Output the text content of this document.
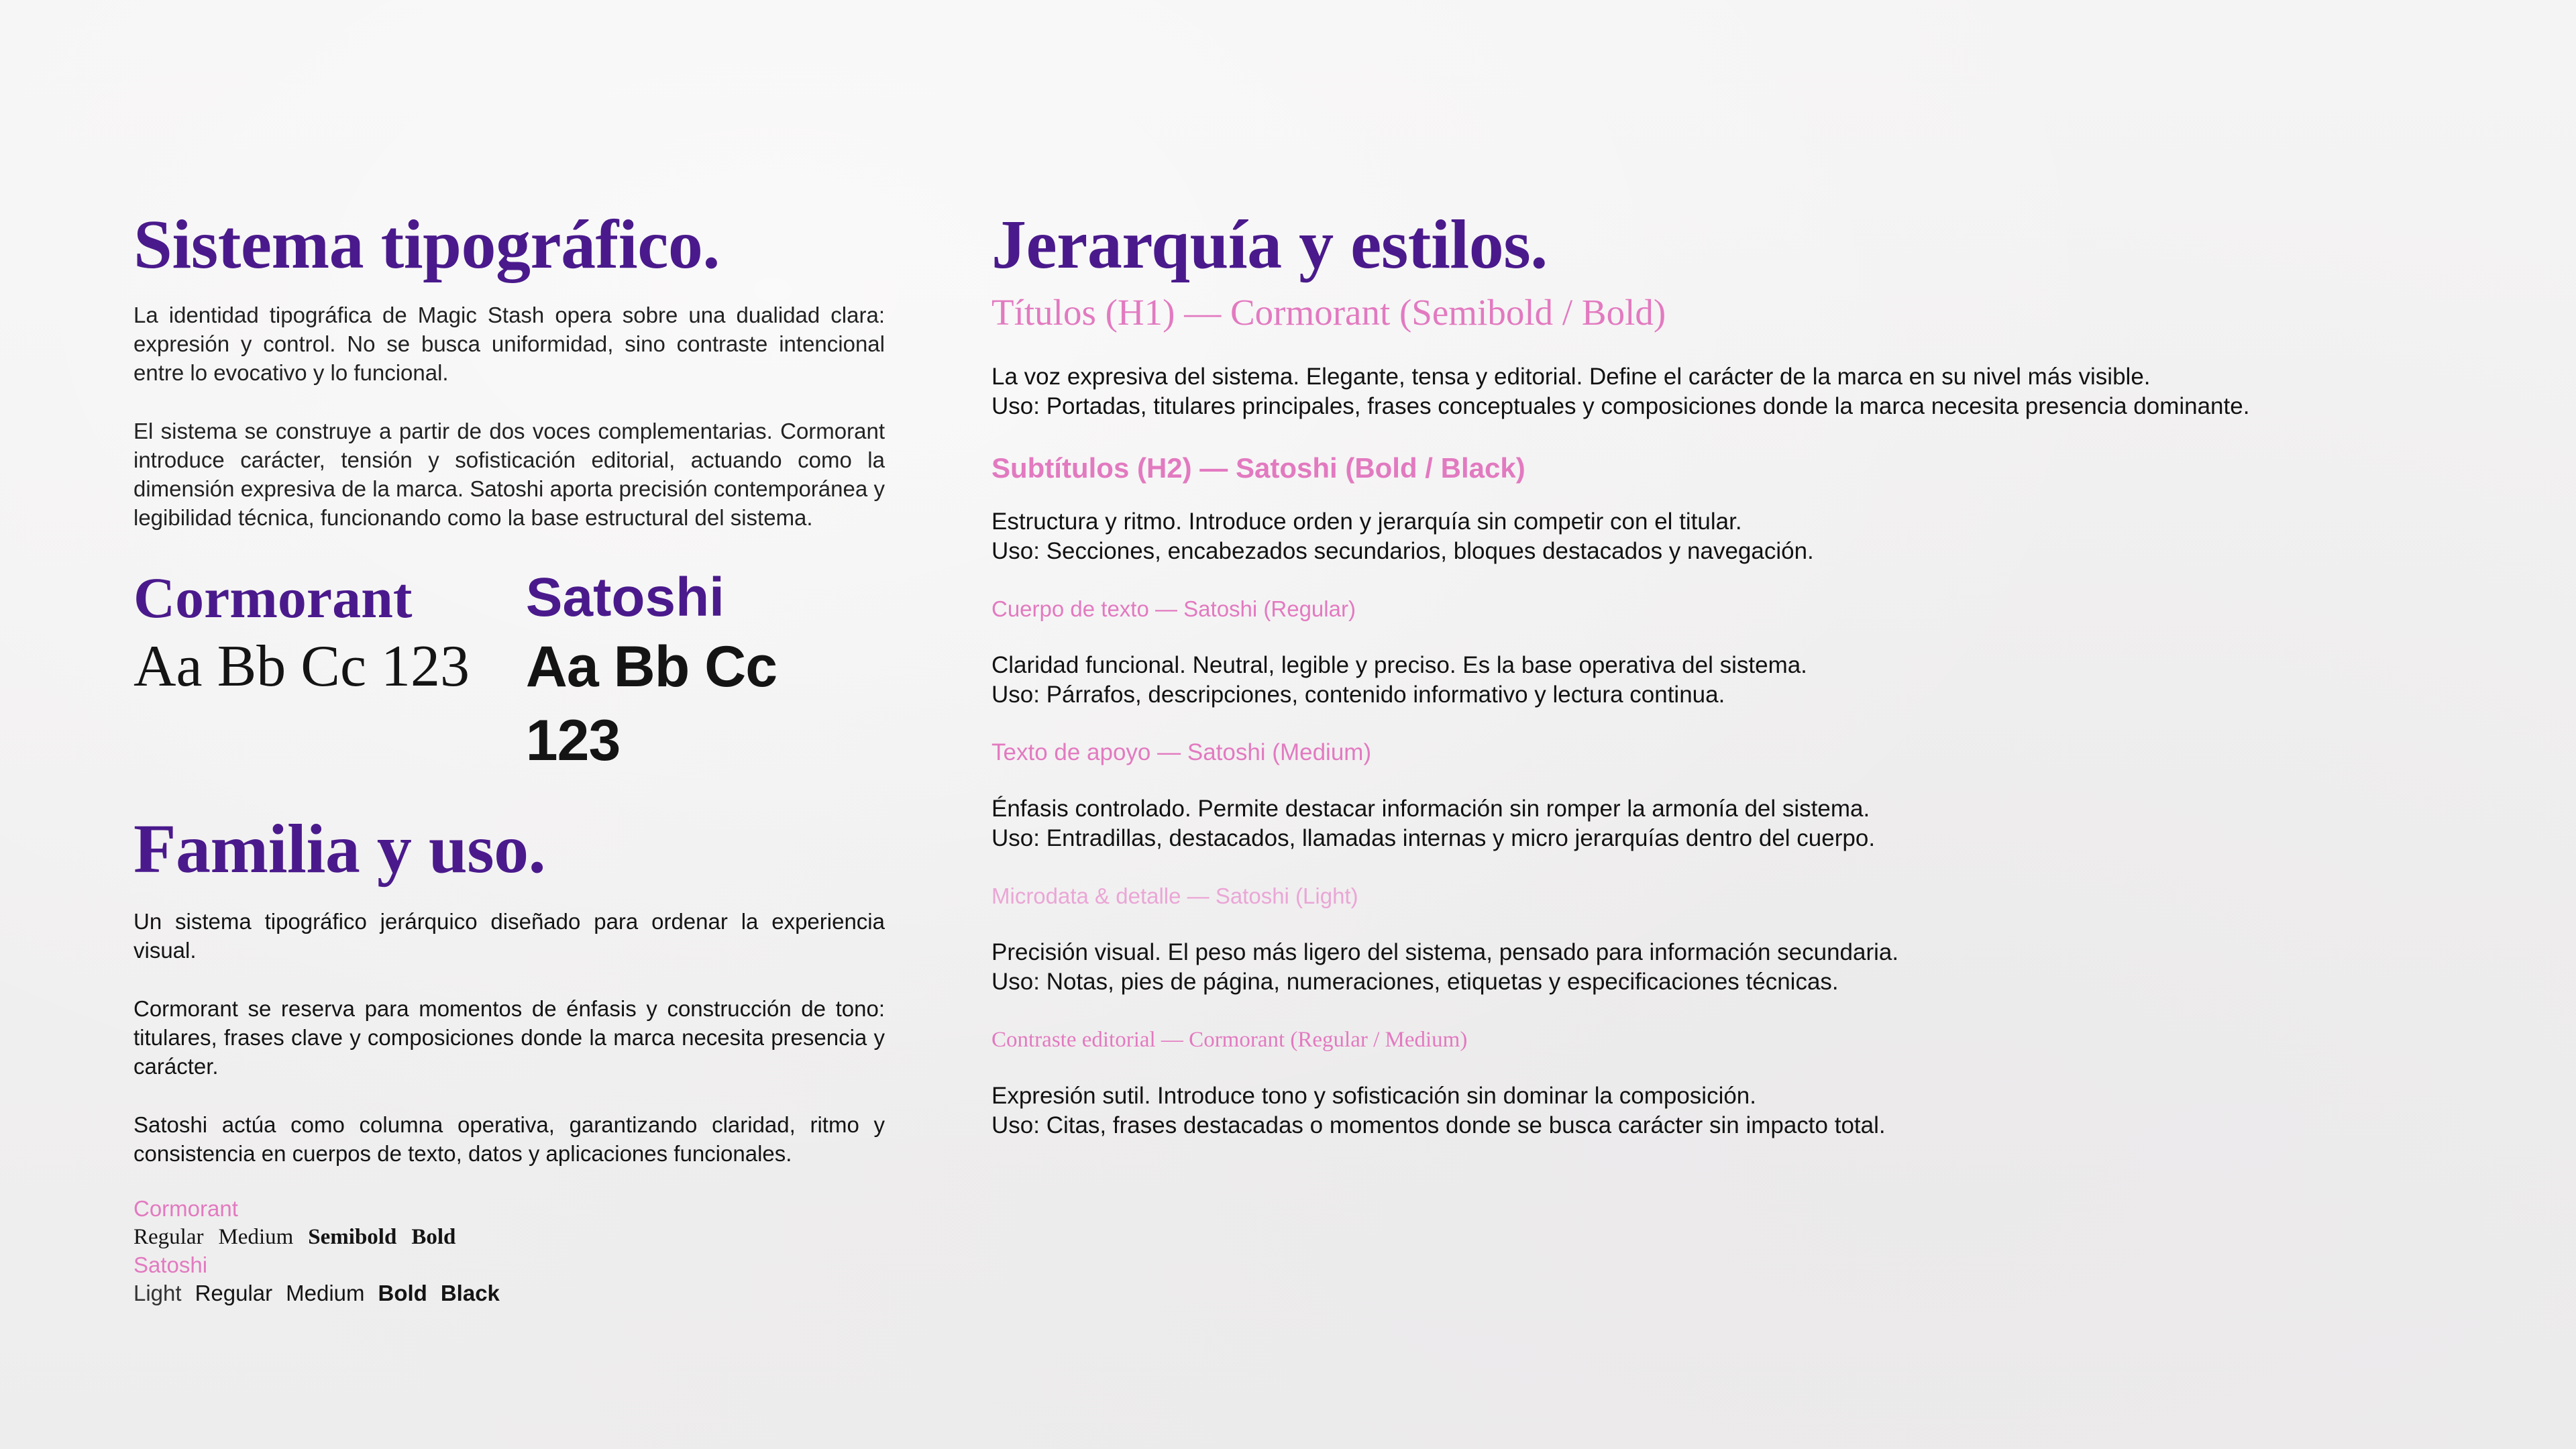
Sistema tipográfico.

La identidad tipográfica de Magic Stash opera sobre una dualidad clara: expresión y control. No se busca uniformidad, sino contraste intencional entre lo evocativo y lo funcional.

El sistema se construye a partir de dos voces complementarias. Cormorant introduce carácter, tensión y sofisticación editorial, actuando como la dimensión expresiva de la marca. Satoshi aporta precisión contemporánea y legibilidad técnica, funcionando como la base estructural del sistema.

Cormorant
Aa Bb Cc 123
Satoshi
Aa Bb Cc 123
Familia y uso.

Un sistema tipográfico jerárquico diseñado para ordenar la experiencia visual.

Cormorant se reserva para momentos de énfasis y construcción de tono: titulares, frases clave y composiciones donde la marca necesita presencia y carácter.

Satoshi actúa como columna operativa, garantizando claridad, ritmo y consistencia en cuerpos de texto, datos y aplicaciones funcionales.

Cormorant

Regular Medium Semibold Bold

Satoshi

Light Regular Medium Bold Black
Jerarquía y estilos.

Títulos (H1) — Cormorant (Semibold / Bold)

La voz expresiva del sistema. Elegante, tensa y editorial. Define el carácter de la marca en su nivel más visible.

Uso: Portadas, titulares principales, frases conceptuales y composiciones donde la marca necesita presencia dominante.

Subtítulos (H2) — Satoshi (Bold / Black)

Estructura y ritmo. Introduce orden y jerarquía sin competir con el titular.

Uso: Secciones, encabezados secundarios, bloques destacados y navegación.

Cuerpo de texto — Satoshi (Regular)

Claridad funcional. Neutral, legible y preciso. Es la base operativa del sistema.

Uso: Párrafos, descripciones, contenido informativo y lectura continua.

Texto de apoyo — Satoshi (Medium)

Énfasis controlado. Permite destacar información sin romper la armonía del sistema.

Uso: Entradillas, destacados, llamadas internas y micro jerarquías dentro del cuerpo.

Microdata & detalle — Satoshi (Light)

Precisión visual. El peso más ligero del sistema, pensado para información secundaria.

Uso: Notas, pies de página, numeraciones, etiquetas y especificaciones técnicas.

Contraste editorial — Cormorant (Regular / Medium)

Expresión sutil. Introduce tono y sofisticación sin dominar la composición.

Uso: Citas, frases destacadas o momentos donde se busca carácter sin impacto total.
